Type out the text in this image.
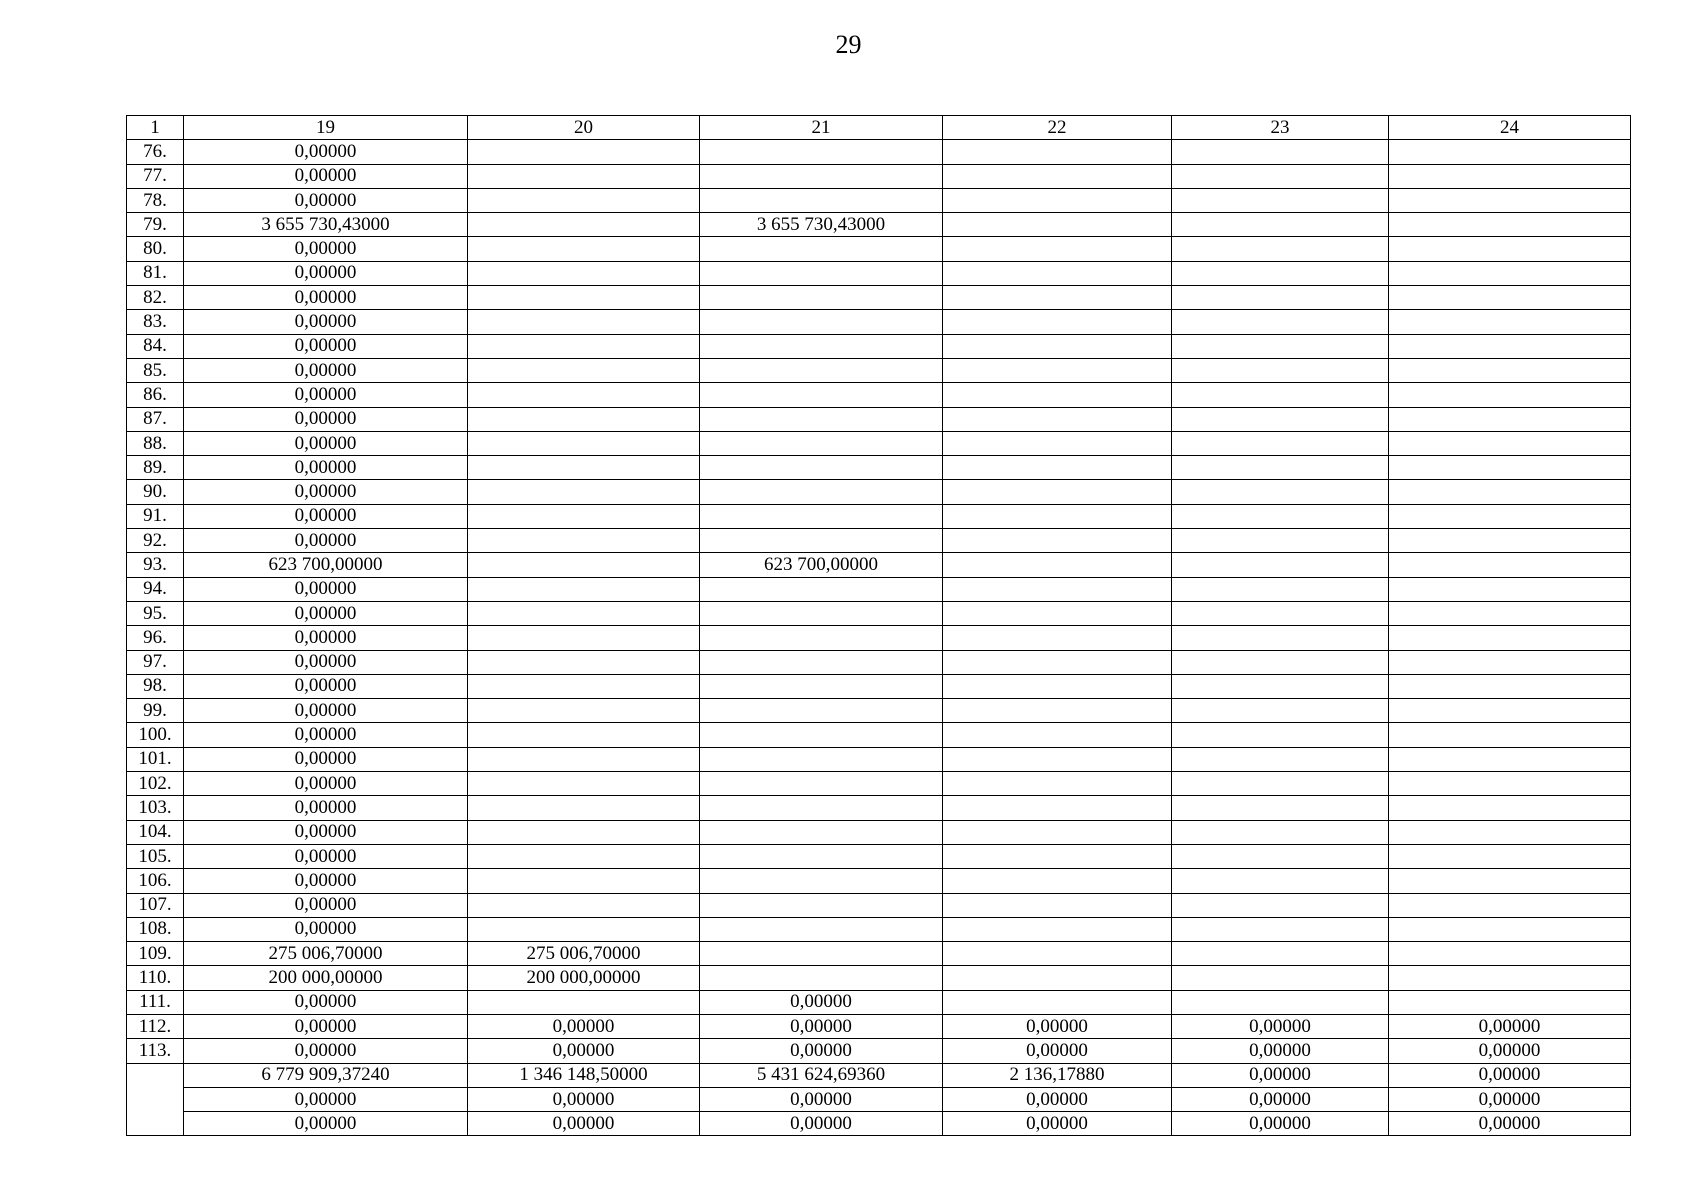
29
1	19	20	21	22	23	24
76.	0,00000					
77.	0,00000					
78.	0,00000					
79.	3 655 730,43000		3 655 730,43000			
80.	0,00000					
81.	0,00000					
82.	0,00000					
83.	0,00000					
84.	0,00000					
85.	0,00000					
86.	0,00000					
87.	0,00000					
88.	0,00000					
89.	0,00000					
90.	0,00000					
91.	0,00000					
92.	0,00000					
93.	623 700,00000		623 700,00000			
94.	0,00000					
95.	0,00000					
96.	0,00000					
97.	0,00000					
98.	0,00000					
99.	0,00000					
100.	0,00000					
101.	0,00000					
102.	0,00000					
103.	0,00000					
104.	0,00000					
105.	0,00000					
106.	0,00000					
107.	0,00000					
108.	0,00000					
109.	275 006,70000	275 006,70000				
110.	200 000,00000	200 000,00000				
111.	0,00000		0,00000			
112.	0,00000	0,00000	0,00000	0,00000	0,00000	0,00000
113.	0,00000	0,00000	0,00000	0,00000	0,00000	0,00000
	6 779 909,37240	1 346 148,50000	5 431 624,69360	2 136,17880	0,00000	0,00000
	0,00000	0,00000	0,00000	0,00000	0,00000	0,00000
	0,00000	0,00000	0,00000	0,00000	0,00000	0,00000
